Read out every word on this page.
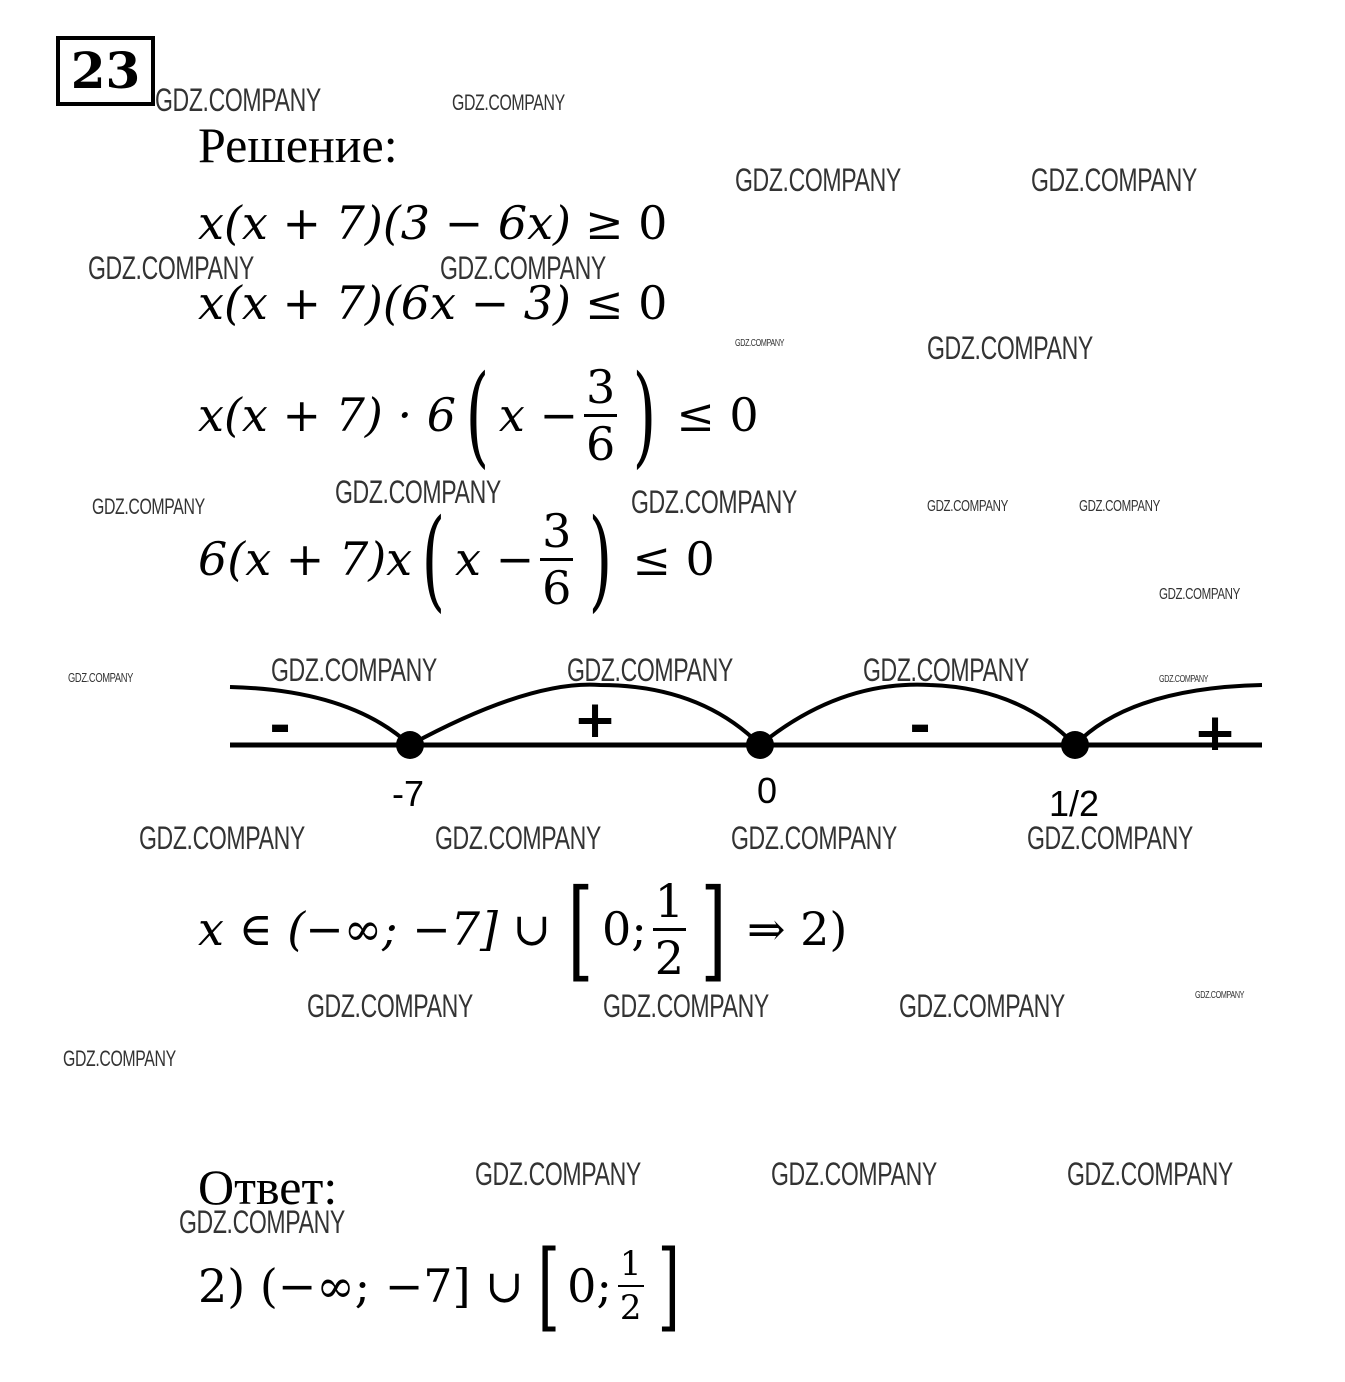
23
Решение:
x (x + 7) (3 − 6x) ≥ 0
x (x + 7) (6x − 3) ≤ 0
x(x + 7) · 6 ( $x - \frac{3}{6}$ ) ≤ 0
6(x + 7)x ( $x - \frac{3}{6}$ ) ≤ 0
-	+	-	+
-7	0	1/2
x ∈ (−∞; −7] ∪ [ 0; $\frac{1}{2}$ ] ⇒ 2)
Ответ:
2) (−∞; −7] ∪ [ 0; $\frac{1}{2}$ ]
GDZ.COMPANY	GDZ.COMPANY
GDZ.COMPANY	GDZ.COMPANY
GDZ.COMPANY	GDZ.COMPANY
GDZ.COMPANY	GDZ.COMPANY
GDZ.COMPANY	GDZ.COMPANY
GDZ.COMPANY	GDZ.COMPANY	GDZ.COMPANY
GDZ.COMPANY
GDZ.COMPANY	GDZ.COMPANY	GDZ.COMPANY	GDZ.COMPANY	GDZ.COMPANY
GDZ.COMPANY	GDZ.COMPANY	GDZ.COMPANY	GDZ.COMPANY
GDZ.COMPANY	GDZ.COMPANY	GDZ.COMPANY	GDZ.COMPANY
GDZ.COMPANY
GDZ.COMPANY	GDZ.COMPANY	GDZ.COMPANY
GDZ.COMPANY
